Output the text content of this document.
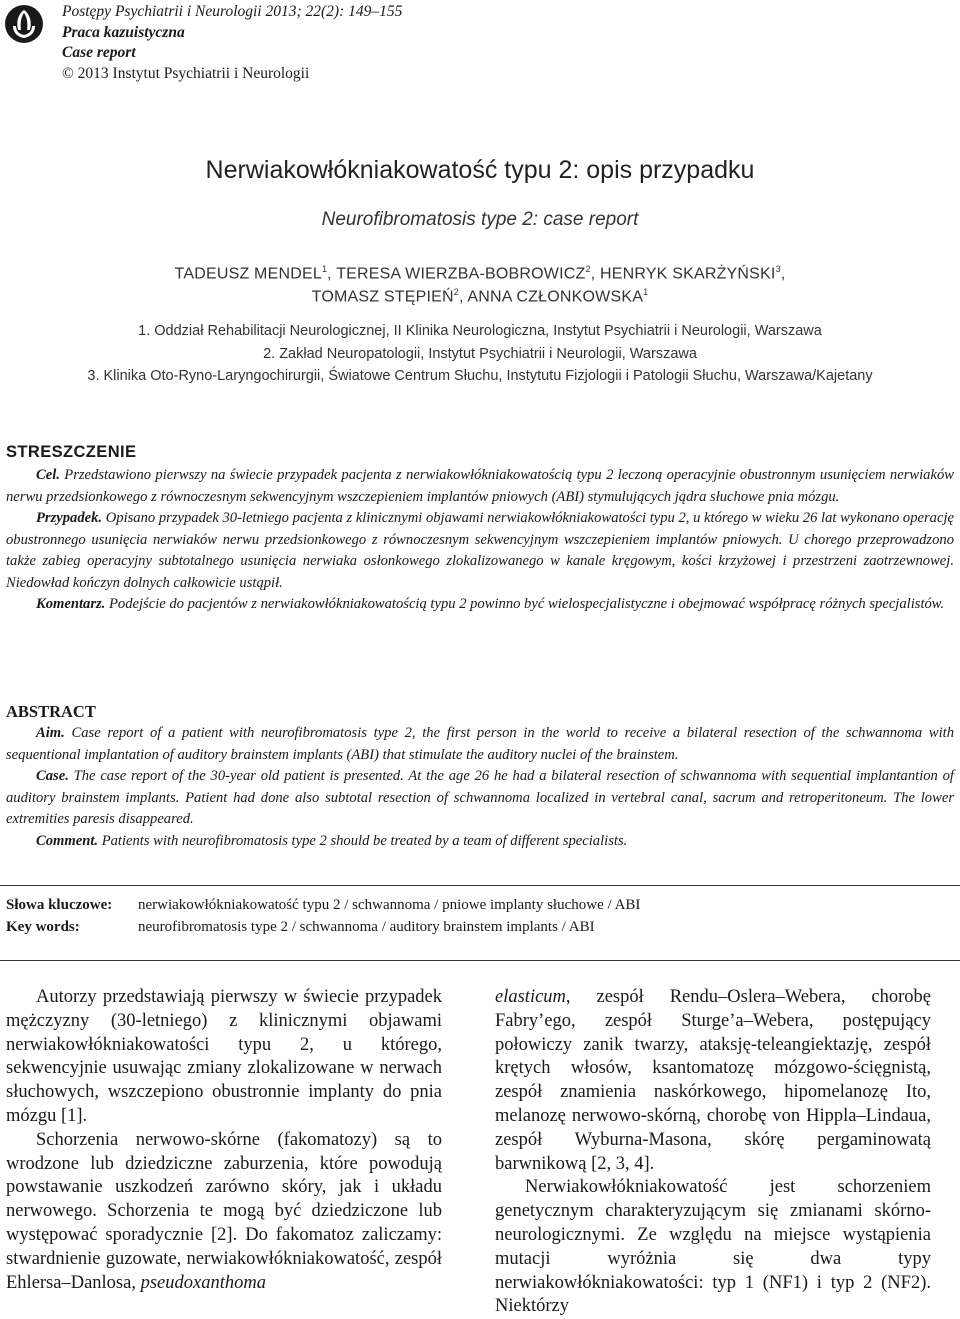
Postępy Psychiatrii i Neurologii 2013; 22(2): 149–155
Praca kazuistyczna
Case report
© 2013 Instytut Psychiatrii i Neurologii
Nerwiakowłókniakowatość typu 2: opis przypadku
Neurofibromatosis type 2: case report
TADEUSZ MENDEL$^1$, TERESA WIERZBA-BOBROWICZ$^2$, HENRYK SKARŻYŃSKI$^3$,
TOMASZ STĘPIEŃ$^2$, ANNA CZŁONKOWSKA$^1$
1. Oddział Rehabilitacji Neurologicznej, II Klinika Neurologiczna, Instytut Psychiatrii i Neurologii, Warszawa
2. Zakład Neuropatologii, Instytut Psychiatrii i Neurologii, Warszawa
3. Klinika Oto-Ryno-Laryngochirurgii, Światowe Centrum Słuchu, Instytutu Fizjologii i Patologii Słuchu, Warszawa/Kajetany
STRESZCZENIE

Cel. Przedstawiono pierwszy na świecie przypadek pacjenta z nerwiakowłókniakowatością typu 2 leczoną operacyjnie obustronnym usunięciem nerwiaków nerwu przedsionkowego z równoczesnym sekwencyjnym wszczepieniem implantów pniowych (ABI) stymulujących jądra słuchowe pnia mózgu.

Przypadek. Opisano przypadek 30-letniego pacjenta z klinicznymi objawami nerwiakowłókniakowatości typu 2, u którego w wieku 26 lat wykonano operację obustronnego usunięcia nerwiaków nerwu przedsionkowego z równoczesnym sekwencyjnym wszczepieniem implantów pniowych. U chorego przeprowadzono także zabieg operacyjny subtotalnego usunięcia nerwiaka osłonkowego zlokalizowanego w kanale kręgowym, kości krzyżowej i przestrzeni zaotrzewnowej. Niedowład kończyn dolnych całkowicie ustąpił.

Komentarz. Podejście do pacjentów z nerwiakowłókniakowatością typu 2 powinno być wielospecjalistyczne i obejmować współpracę różnych specjalistów.

ABSTRACT

Aim. Case report of a patient with neurofibromatosis type 2, the first person in the world to receive a bilateral resection of the schwannoma with sequentional implantation of auditory brainstem implants (ABI) that stimulate the auditory nuclei of the brainstem.

Case. The case report of the 30-year old patient is presented. At the age 26 he had a bilateral resection of schwannoma with sequential implantantion of auditory brainstem implants. Patient had done also subtotal resection of schwannoma localized in vertebral canal, sacrum and retroperitoneum. The lower extremities paresis disappeared.

Comment. Patients with neurofibromatosis type 2 should be treated by a team of different specialists.

Słowa kluczowe:	nerwiakowłókniakowatość typu 2 / schwannoma / pniowe implanty słuchowe / ABI
Key words:	neurofibromatosis type 2 / schwannoma / auditory brainstem implants / ABI

Autorzy przedstawiają pierwszy w świecie przypadek mężczyzny (30-letniego) z klinicznymi objawami nerwiakowłókniakowatości typu 2, u którego, sekwencyjnie usuwając zmiany zlokalizowane w nerwach słuchowych, wszczepiono obustronnie implanty do pnia mózgu [1].

Schorzenia nerwowo-skórne (fakomatozy) są to wrodzone lub dziedziczne zaburzenia, które powodują powstawanie uszkodzeń zarówno skóry, jak i układu nerwowego. Schorzenia te mogą być dziedziczone lub występować sporadycznie [2]. Do fakomatoz zaliczamy: stwardnienie guzowate, nerwiakowłókniakowatość, zespół Ehlersa–Danlosa, pseudoxanthoma

elasticum, zespół Rendu–Oslera–Webera, chorobę Fabry’ego, zespół Sturge’a–Webera, postępujący połowiczy zanik twarzy, ataksję-teleangiektazję, zespół krętych włosów, ksantomatozę mózgowo-ścięgnistą, zespół znamienia naskórkowego, hipomelanozę Ito, melanozę nerwowo-skórną, chorobę von Hippla–Lindaua, zespół Wyburna-Masona, skórę pergaminowatą barwnikową [2, 3, 4].

Nerwiakowłókniakowatość jest schorzeniem genetycznym charakteryzującym się zmianami skórno-neurologicznymi. Ze względu na miejsce wystąpienia mutacji wyróżnia się dwa typy nerwiakowłókniakowatości: typ 1 (NF1) i typ 2 (NF2). Niektórzy
